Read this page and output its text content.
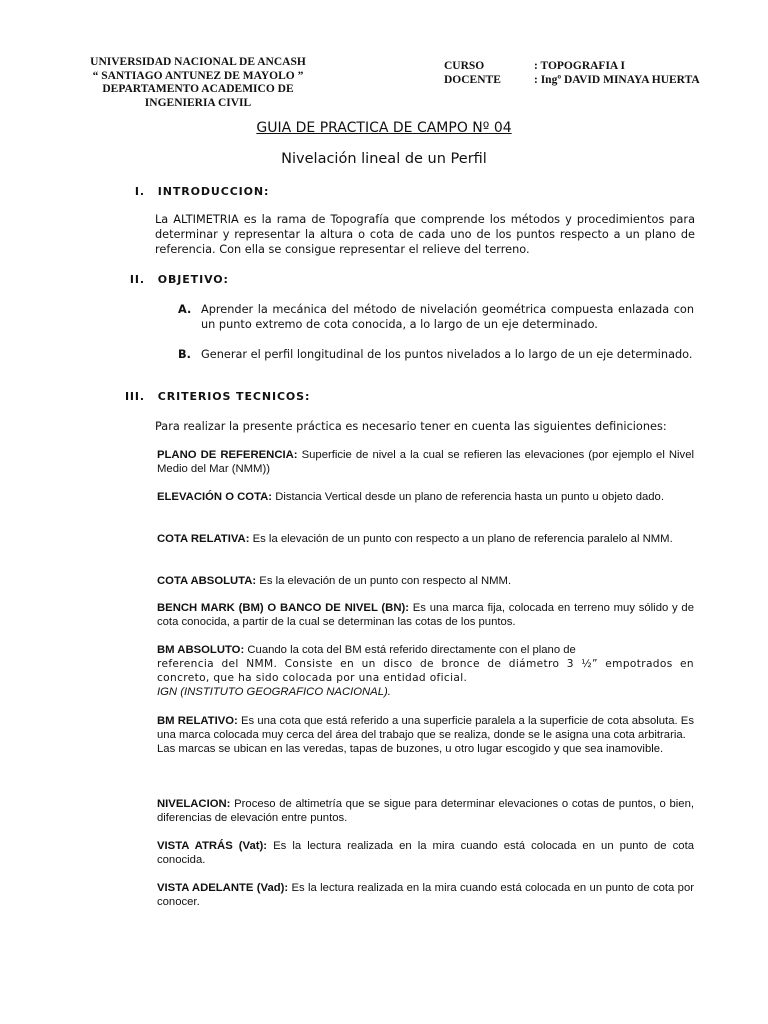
UNIVERSIDAD NACIONAL DE ANCASH
“ SANTIAGO ANTUNEZ DE MAYOLO ”
DEPARTAMENTO ACADEMICO DE
INGENIERIA CIVIL
CURSO	: TOPOGRAFIA I
DOCENTE	: Ingº DAVID MINAYA HUERTA
GUIA DE PRACTICA DE CAMPO Nº 04
Nivelación lineal de un Perfil
I. INTRODUCCION:
La ALTIMETRIA es la rama de Topografía que comprende los métodos y procedimientos para determinar y representar la altura o cota de cada uno de los puntos respecto a un plano de referencia. Con ella se consigue representar el relieve del terreno.
II. OBJETIVO:
A. Aprender la mecánica del método de nivelación geométrica compuesta enlazada con un punto extremo de cota conocida, a lo largo de un eje determinado.
B. Generar el perfil longitudinal de los puntos nivelados a lo largo de un eje determinado.
III. CRITERIOS TECNICOS:
Para realizar la presente práctica es necesario tener en cuenta las siguientes definiciones:
PLANO DE REFERENCIA: Superficie de nivel a la cual se refieren las elevaciones (por ejemplo el Nivel Medio del Mar (NMM))
ELEVACIÓN O COTA: Distancia Vertical desde un plano de referencia hasta un punto u objeto dado.
COTA RELATIVA: Es la elevación de un punto con respecto a un plano de referencia paralelo al NMM.
COTA ABSOLUTA: Es la elevación de un punto con respecto al NMM.
BENCH MARK (BM) O BANCO DE NIVEL (BN): Es una marca fija, colocada en terreno muy sólido y de cota conocida, a partir de la cual se determinan las cotas de los puntos.
BM ABSOLUTO: Cuando la cota del BM está referido directamente con el plano de
referencia del NMM. Consiste en un disco de bronce de diámetro 3 ½” empotrados en
concreto, que ha sido colocada por una entidad oficial.
IGN (INSTITUTO GEOGRAFICO NACIONAL).
BM RELATIVO: Es una cota que está referido a una superficie paralela a la superficie de cota absoluta. Es una marca colocada muy cerca del área del trabajo que se realiza, donde se le asigna una cota arbitraria.
Las marcas se ubican en las veredas, tapas de buzones, u otro lugar escogido y que sea inamovible.
NIVELACION: Proceso de altimetría que se sigue para determinar elevaciones o cotas de puntos, o bien, diferencias de elevación entre puntos.
VISTA ATRÁS (Vat): Es la lectura realizada en la mira cuando está colocada en un punto de cota conocida.
VISTA ADELANTE (Vad): Es la lectura realizada en la mira cuando está colocada en un punto de cota por conocer.
